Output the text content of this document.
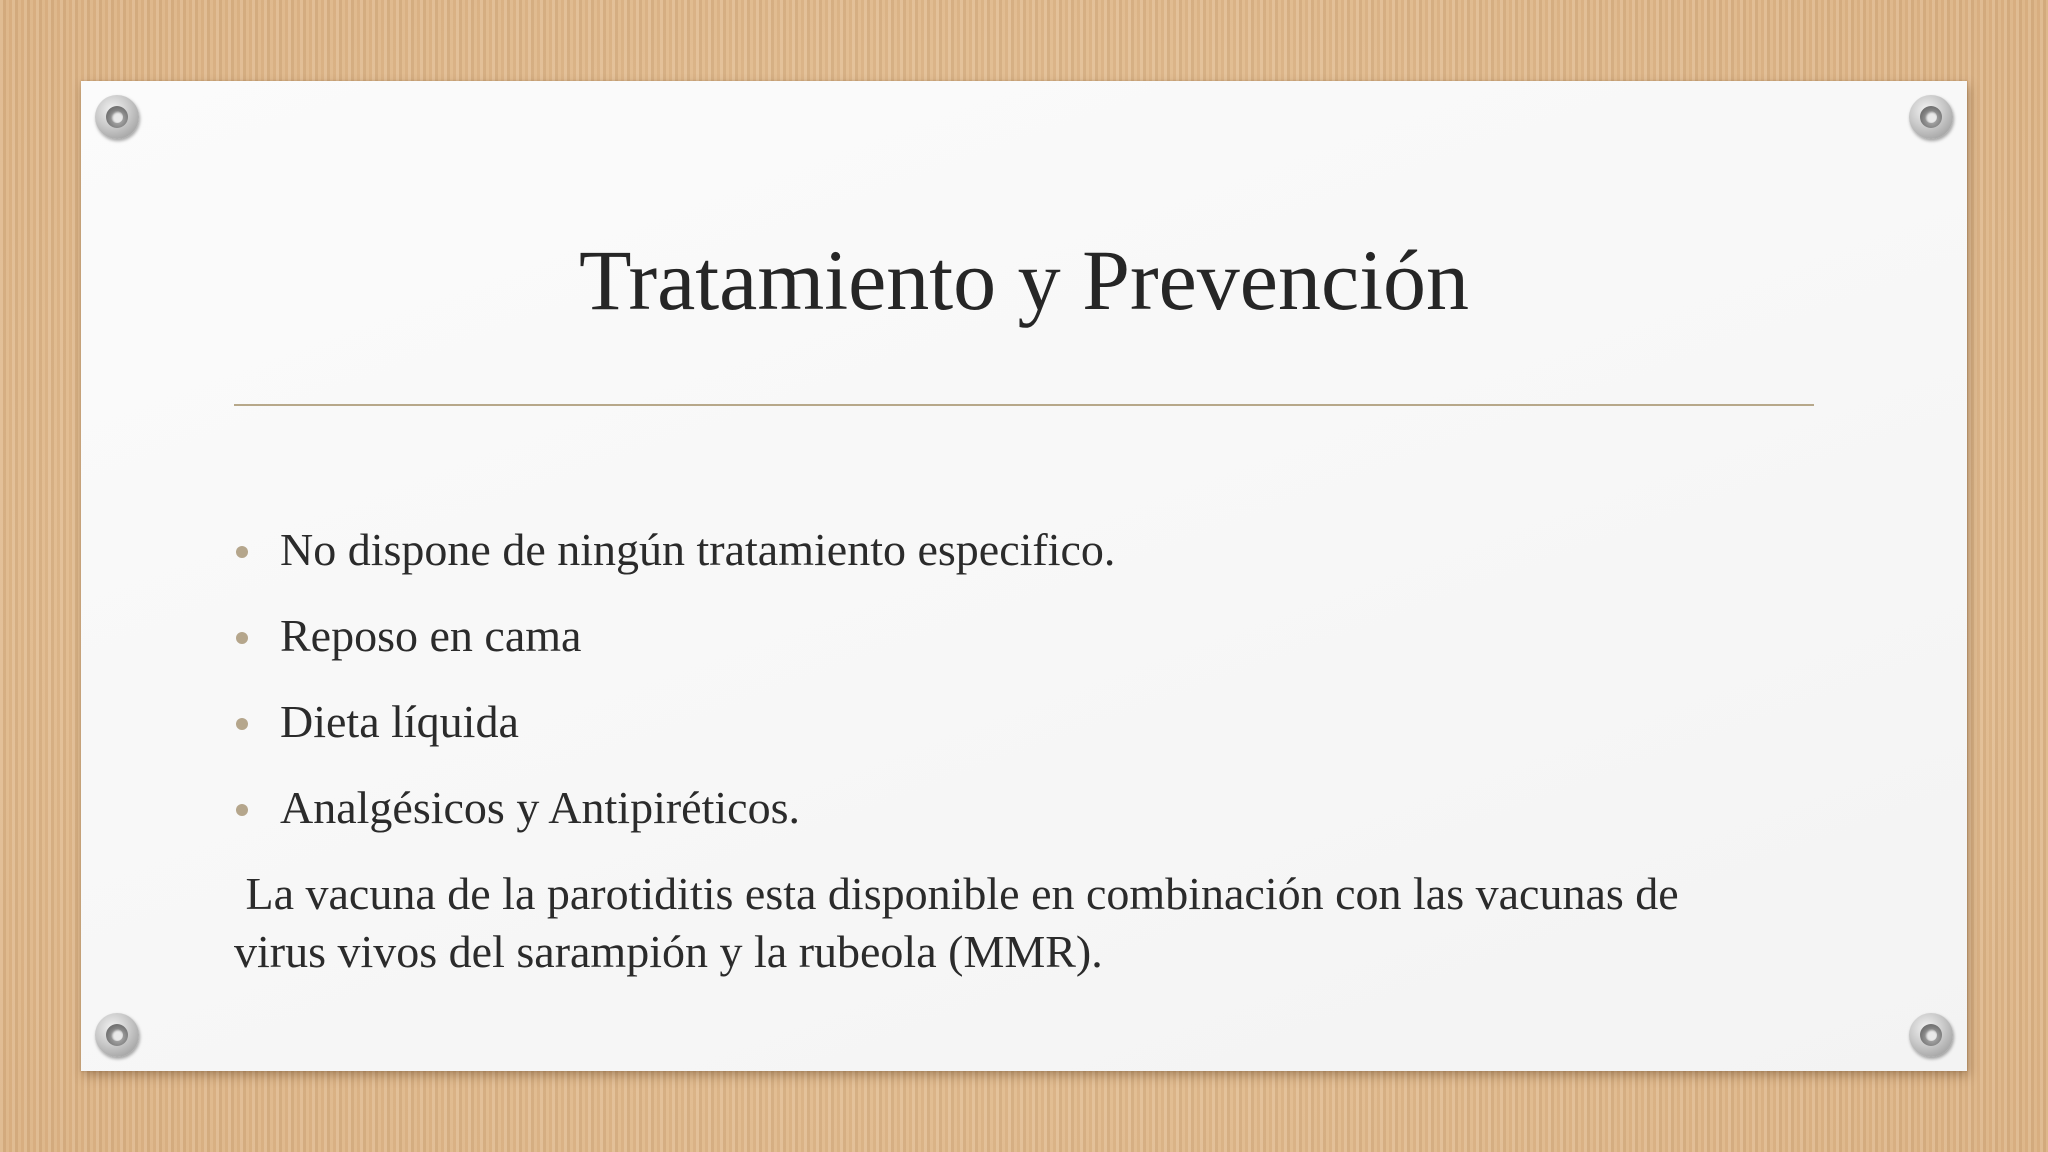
Tratamiento y Prevención
No dispone de ningún tratamiento especifico.
Reposo en cama
Dieta líquida
Analgésicos y Antipiréticos.

La vacuna de la parotiditis esta disponible en combinación con las vacunas de
virus vivos del sarampión y la rubeola (MMR).
